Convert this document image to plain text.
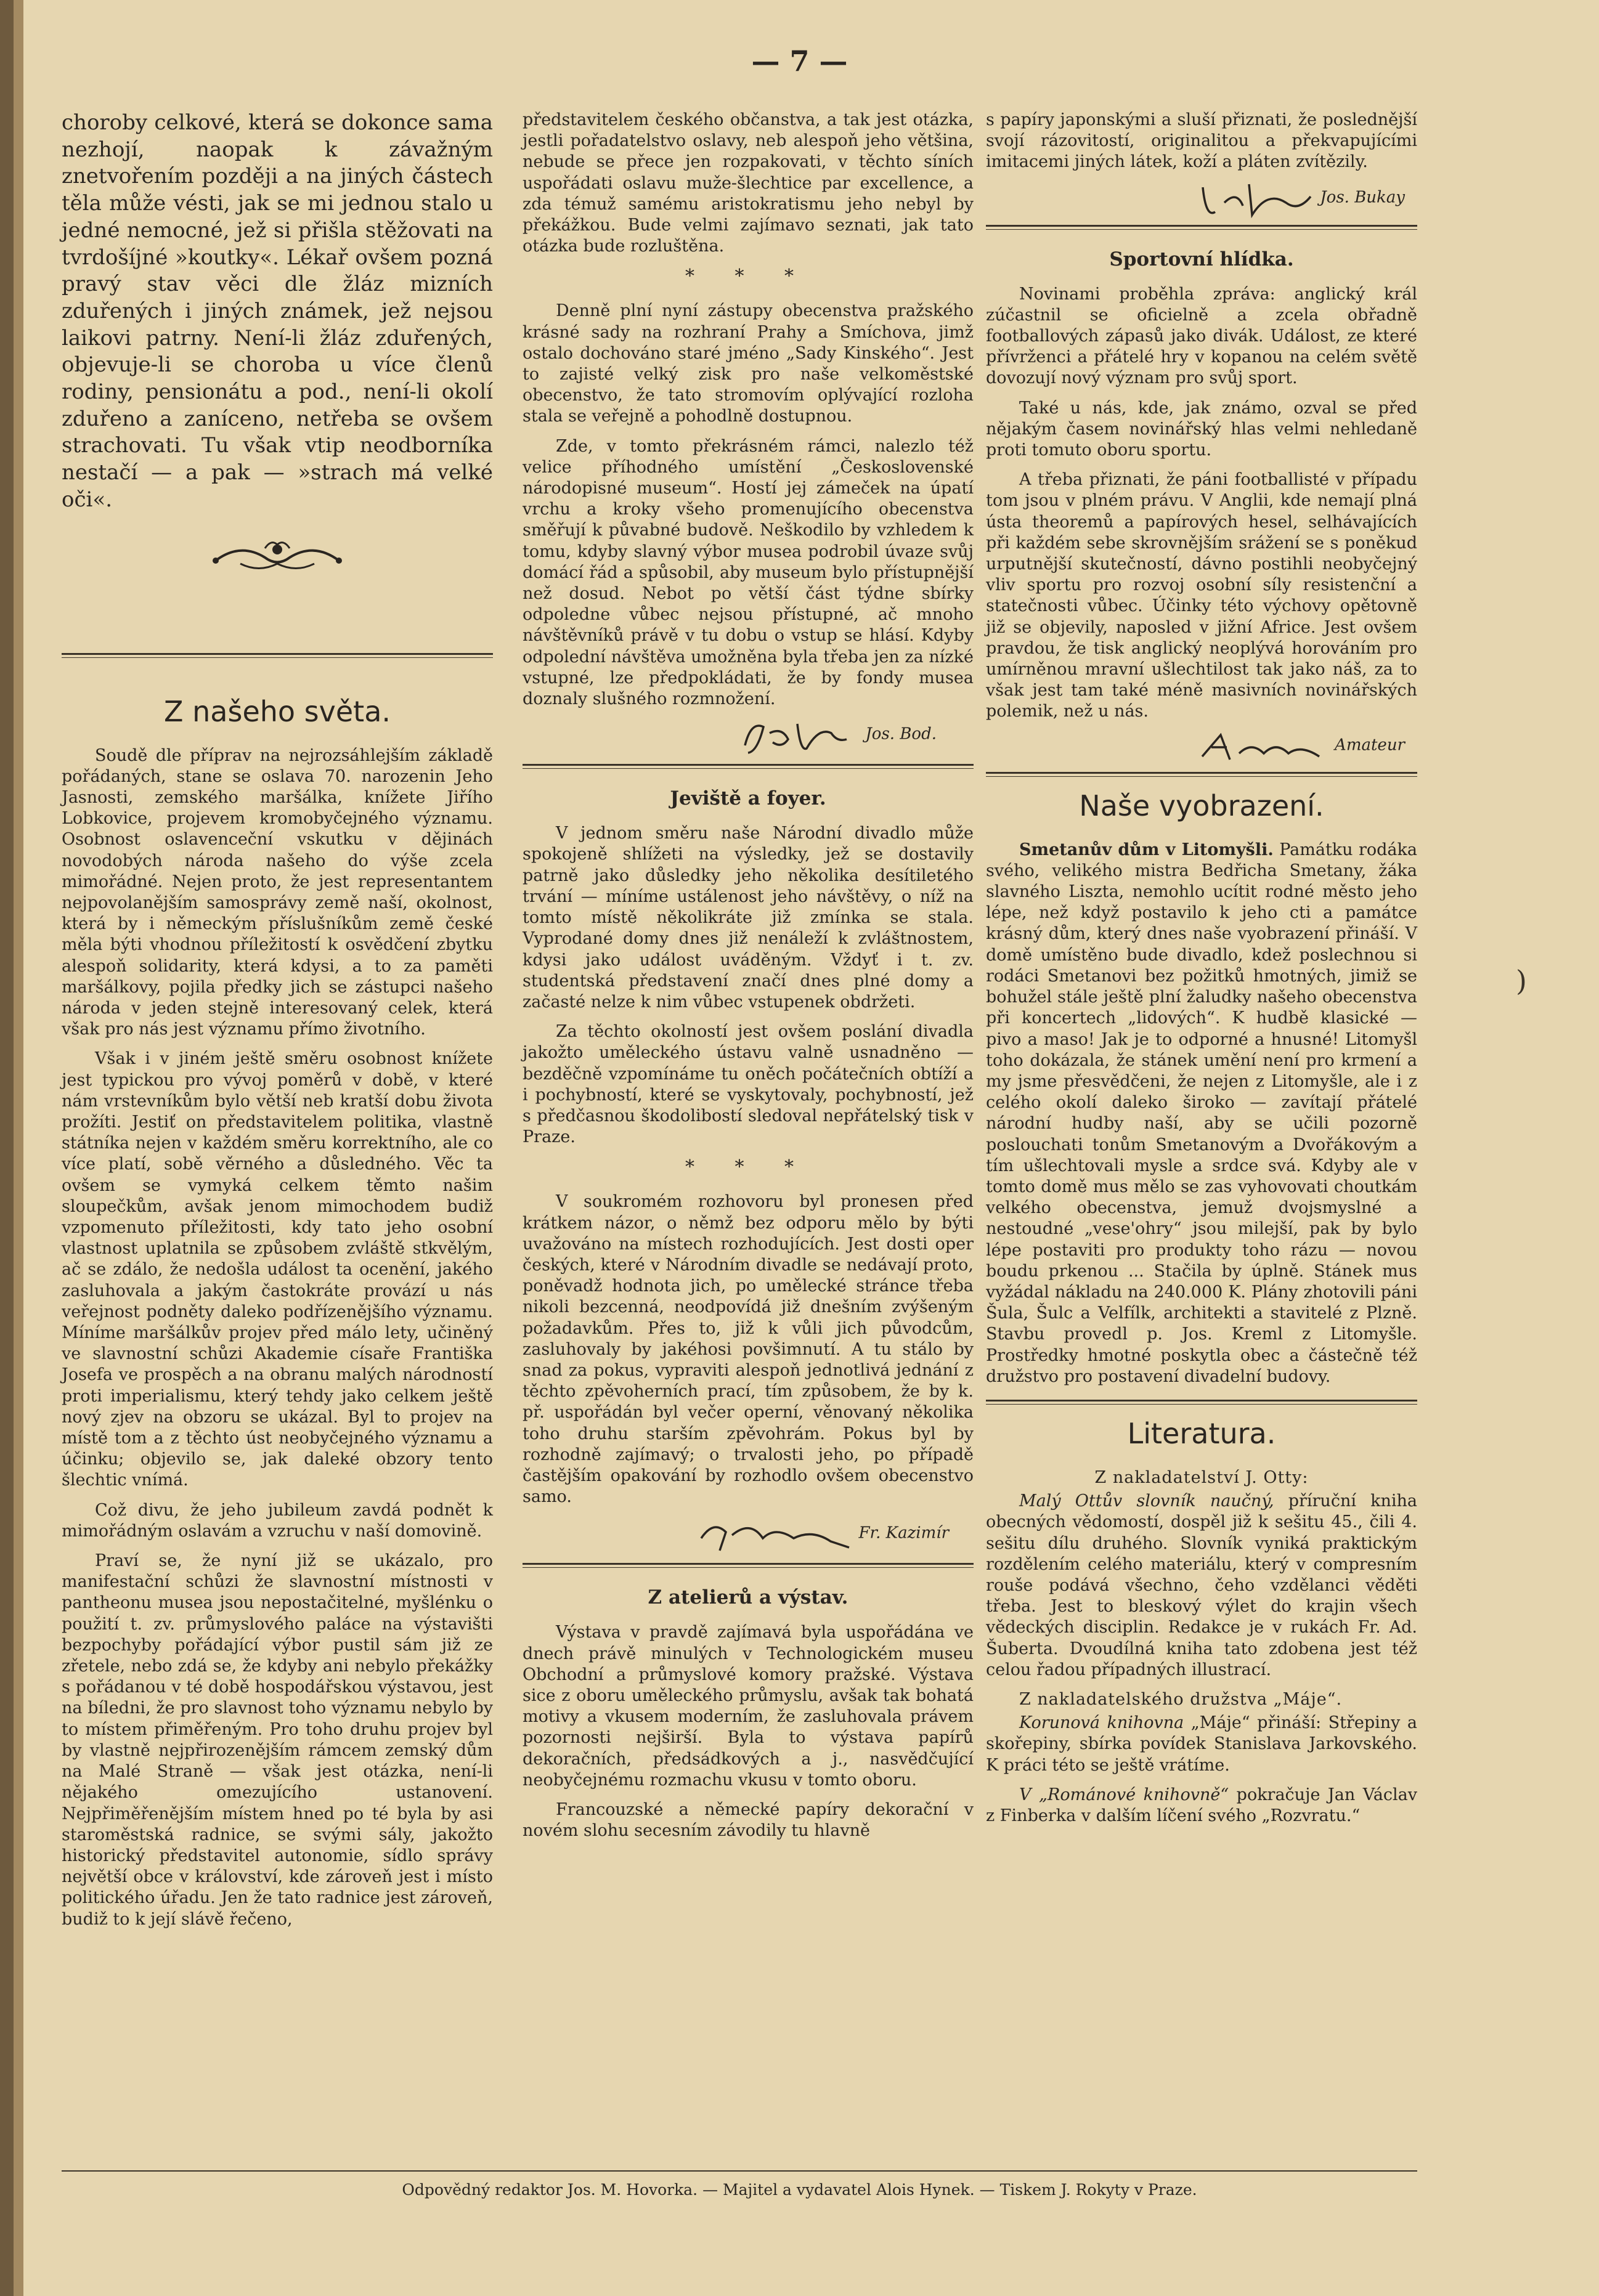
— 7 —

choroby celkové, která se dokonce sama nezhojí, naopak k závažným znetvořením později a na jiných částech těla může vésti, jak se mi jednou stalo u jedné nemocné, jež si přišla stěžovati na tvrdošíjné »koutky«. Lékař ovšem pozná pravý stav věci dle žláz mizních zduřených i jiných známek, jež nejsou laikovi patrny. Není-li žláz zduřených, objevuje-li se choroba u více členů rodiny, pensionátu a pod., není-li okolí zduřeno a zanícenо, netřeba se ovšem strachovati. Tu však vtip neodborníka nestačí — a pak — »strach má velké oči«.

Z našeho světa.

Soudě dle příprav na nejrozsáhlejším základě pořádaných, stane se oslava 70. narozenin Jeho Jasnosti, zemského maršálka, knížete Jiřího Lobkovice, projevem kromobyčejného významu. Osobnost oslavenceční vskutku v dějinách novodobých národa našeho do výše zcela mimořádné. Nejen proto, že jest representantem nejpovolanějším samosprávy země naší, okolnost, která by i německým příslušníkům země české měla býti vhodnou příležitostí k osvědčení zbytku alespoň solidarity, která kdysi, a to za paměti maršálkovy, pojila předky jich se zástupci našeho národa v jeden stejně interesovaný celek, která však pro nás jest významu přímo životního.

Však i v jiném ještě směru osobnost knížete jest typickou pro vývoj poměrů v době, v které nám vrstevníkům bylo větší neb kratší dobu života prožíti. Jestiť on představitelem politika, vlastně státníka nejen v každém směru korrektního, ale co více platí, sobě věrného a důsledného. Věc ta ovšem se vymyká celkem těmto našim sloupečkům, avšak jenom mimochodem budiž vzpomenuto příležitosti, kdy tato jeho osobní vlastnost uplatnila se způsobem zvláště stkvělým, ač se zdálo, že nedošla událost ta ocenění, jakého zasluhovala a jakým častokráte provází u nás veřejnost podněty daleko podřízenějšího významu. Míníme maršálkův projev před málo lety, učiněný ve slavnostní schůzi Akademie císaře Františka Josefa ve prospěch a na obranu malých národností proti imperialismu, který tehdy jako celkem ještě nový zjev na obzoru se ukázal. Byl to projev na místě tom a z těchto úst neobyčejného významu a účinku; objevilo se, jak daleké obzory tento šlechtic vnímá.

Což divu, že jeho jubileum zavdá podnět k mimořádným oslavám a vzruchu v naší domovině.

Praví se, že nyní již se ukázalo, pro manifestační schůzi že slavnostní místnosti v pantheonu musea jsou nepostačitelné, myšlénku o použití t. zv. průmyslového paláce na výstavišti bezpochyby pořádající výbor pustil sám již ze zřetele, nebo zdá se, že kdyby ani nebylo překážky s pořádanou v té době hospodářskou výstavou, jest na bíledni, že pro slavnost toho významu nebylo by to místem přiměřeným. Pro toho druhu projev byl by vlastně nejpřirozenějším rámcem zemský dům na Malé Straně — však jest otázka, není-li nějakého omezujícího ustanovení. Nejpřiměřenějším místem hned po té byla by asi staroměstská radnice, se svými sály, jakožto historický představitel autonomie, sídlo správy největší obce v království, kde zároveň jest i místo politického úřadu. Jen že tato radnice jest zároveň, budiž to k její slávě řečeno,

představitelem českého občanstva, a tak jest otázka, jestli pořadatelstvo oslavy, neb alespoň jeho většina, nebude se přece jen rozpakovati, v těchto síních uspořádati oslavu muže-šlechtice par excellence, a zda témuž samému aristokratismu jeho nebyl by překážkou. Bude velmi zajímavo seznati, jak tato otázka bude rozluštěna.

* * *

Denně plní nyní zástupy obecenstva pražského krásné sady na rozhraní Prahy a Smíchova, jimž ostalo dochováno staré jméno „Sady Kinského“. Jest to zajisté velký zisk pro naše velkoměstské obecenstvo, že tato stromovím oplývající rozloha stala se veřejně a pohodlně dostupnou.

Zde, v tomto překrásném rámci, nalezlo též velice příhodného umístění „Československé národopisné museum“. Hostí jej zámeček na úpatí vrchu a kroky všeho promenujícího obecenstva směřují k půvabné budově. Neškodilo by vzhledem k tomu, kdyby slavný výbor musea podrobil úvaze svůj domácí řád a spůsobil, aby museum bylo přístupnější než dosud. Nebot po větší část týdne sbírky odpoledne vůbec nejsou přístupné, ač mnoho návštěvníků právě v tu dobu o vstup se hlásí. Kdyby odpolední návštěva umožněna byla třeba jen za nízké vstupné, lze předpokládati, že by fondy musea doznaly slušného rozmnožení.

Jos. Bod.
Jeviště a foyer.

V jednom směru naše Národní divadlo může spokojeně shlížeti na výsledky, jež se dostavily patrně jako důsledky jeho několika desítiletého trvání — míníme ustálenost jeho návštěvy, o níž na tomto místě několikráte již zmínka se stala. Vyprodané domy dnes již nenáleží k zvláštnostem, kdysi jako událost uváděným. Vždyť i t. zv. studentská představení značí dnes plné domy a začasté nelze k nim vůbec vstupenek obdržeti.

Za těchto okolností jest ovšem poslání divadla jakožto uměleckého ústavu valně usnadněno — bezděčně vzpomínáme tu oněch počátečních obtíží a i pochybností, které se vyskytovaly, pochybností, jež s předčasnou škodolibostí sledoval nepřátelský tisk v Praze.

* * *

V soukromém rozhovoru byl pronesen před krátkem názor, o němž bez odporu mělo by býti uvažováno na místech rozhodujících. Jest dosti oper českých, které v Národním divadle se nedávají proto, poněvadž hodnota jich, po umělecké stránce třeba nikoli bezcenná, neodpovídá již dnešním zvýšeným požadavkům. Přes to, již k vůli jich původcům, zasluhovaly by jakéhosi povšimnutí. A tu stálo by snad za pokus, vypraviti alespoň jednotlivá jednání z těchto zpěvoherních prací, tím způsobem, že by k. př. uspořádán byl večer operní, věnovaný několika toho druhu starším zpěvohrám. Pokus byl by rozhodně zajímavý; o trvalosti jeho, po případě častějším opakování by rozhodlo ovšem obecenstvo samo.

Fr. Kazimír
Z atelierů a výstav.

Výstava v pravdě zajímavá byla uspořádána ve dnech právě minulých v Technologickém museu Obchodní a průmyslové komory pražské. Výstava sice z oboru uměleckého průmyslu, avšak tak bohatá motivy a vkusem moderním, že zasluhovala právem pozornosti nejširší. Byla to výstava papírů dekoračních, předsádkových a j., nasvědčující neobyčejnému rozmachu vkusu v tomto oboru.

Francouzské a německé papíry dekorační v novém slohu secesním závodily tu hlavně

s papíry japonskými a sluší přiznati, že poslednější svojí rázovitostí, originalitou a překvapujícími imitacemi jiných látek, koží a pláten zvítězily.

Jos. Bukay
Sportovní hlídka.

Novinami proběhla zpráva: anglický král zúčastnil se oficielně a zcela obřadně footballových zápasů jako divák. Událost, ze které přívrženci a přátelé hry v kopanou na celém světě dovozují nový význam pro svůj sport.

Také u nás, kde, jak známo, ozval se před nějakým časem novinářský hlas velmi nehledaně proti tomuto oboru sportu.

A třeba přiznati, že páni footballisté v případu tom jsou v plném právu. V Anglii, kde nemají plná ústa theoremů a papírových hesel, selhávajících při každém sebe skrovnějším srážení se s poněkud urputnější skutečností, dávno postihli neobyčejný vliv sportu pro rozvoj osobní síly resistenční a statečnosti vůbec. Účinky této výchovy opětovně již se objevily, naposled v jižní Africe. Jest ovšem pravdou, že tisk anglický neoplývá horováním pro umírněnou mravní ušlechtilost tak jako náš, za to však jest tam také méně masivních novinářských polemik, než u nás.

Amateur
Naše vyobrazení.

Smetanův dům v Litomyšli. Památku rodáka svého, velikého mistra Bedřicha Smetany, žáka slavného Liszta, nemohlo ucítit rodné město jeho lépe, než když postavilo k jeho cti a památce krásný dům, který dnes naše vyobrazení přináší. V domě umístěno bude divadlo, kdež poslechnou si rodáci Smetanovi bez požitků hmotných, jimiž se bohužel stále ještě plní žaludky našeho obecenstva při koncertech „lidových“. K hudbě klasické — pivo a maso! Jak je to odporné a hnusné! Litomyšl toho dokázala, že stánek umění není pro krmení a my jsme přesvědčeni, že nejen z Litomyšle, ale i z celého okolí daleko široko — zavítají přátelé národní hudby naší, aby se učili pozorně poslouchati tonům Smetanovým a Dvořákovým a tím ušlechtovali mysle a srdce svá. Kdyby ale v tomto domě mus mělo se zas vyhovovati choutkám velkého obecenstva, jemuž dvojsmyslné a nestoudné „vese'ohry“ jsou milejší, pak by bylo lépe postaviti pro produkty toho rázu — novou boudu prkenou ... Stačila by úplně. Stánek mus vyžádal nákladu na 240.000 K. Plány zhotovili páni Šula, Šulc a Velfílk, architekti a stavitelé z Plzně. Stavbu provedl p. Jos. Kreml z Litomyšle. Prostředky hmotné poskytla obec a částečně též družstvo pro postavení divadelní budovy.

Literatura.

Z nakladatelství J. Otty:

Malý Ottův slovník naučný, příruční kniha obecných vědomostí, dospěl již k sešitu 45., čili 4. sešitu dílu druhého. Slovník vyniká praktickým rozdělením celého materiálu, který v compresním rouše podává všechno, čeho vzdělanci věděti třeba. Jest to bleskový výlet do krajin všech vědeckých disciplin. Redakce je v rukách Fr. Ad. Šuberta. Dvoudílná kniha tato zdobena jest též celou řadou případných illustrací.

Z nakladatelského družstva „Máje“.

Korunová knihovna „Máje“ přináší: Střepiny a skořepiny, sbírka povídek Stanislava Jarkovského. K práci této se ještě vrátíme.

V „Románové knihovně“ pokračuje Jan Václav z Finberka v dalším líčení svého „Rozvratu.“

)
Odpovědný redaktor Jos. M. Hovorka. — Majitel a vydavatel Alois Hynek. — Tiskem J. Rokyty v Praze.
